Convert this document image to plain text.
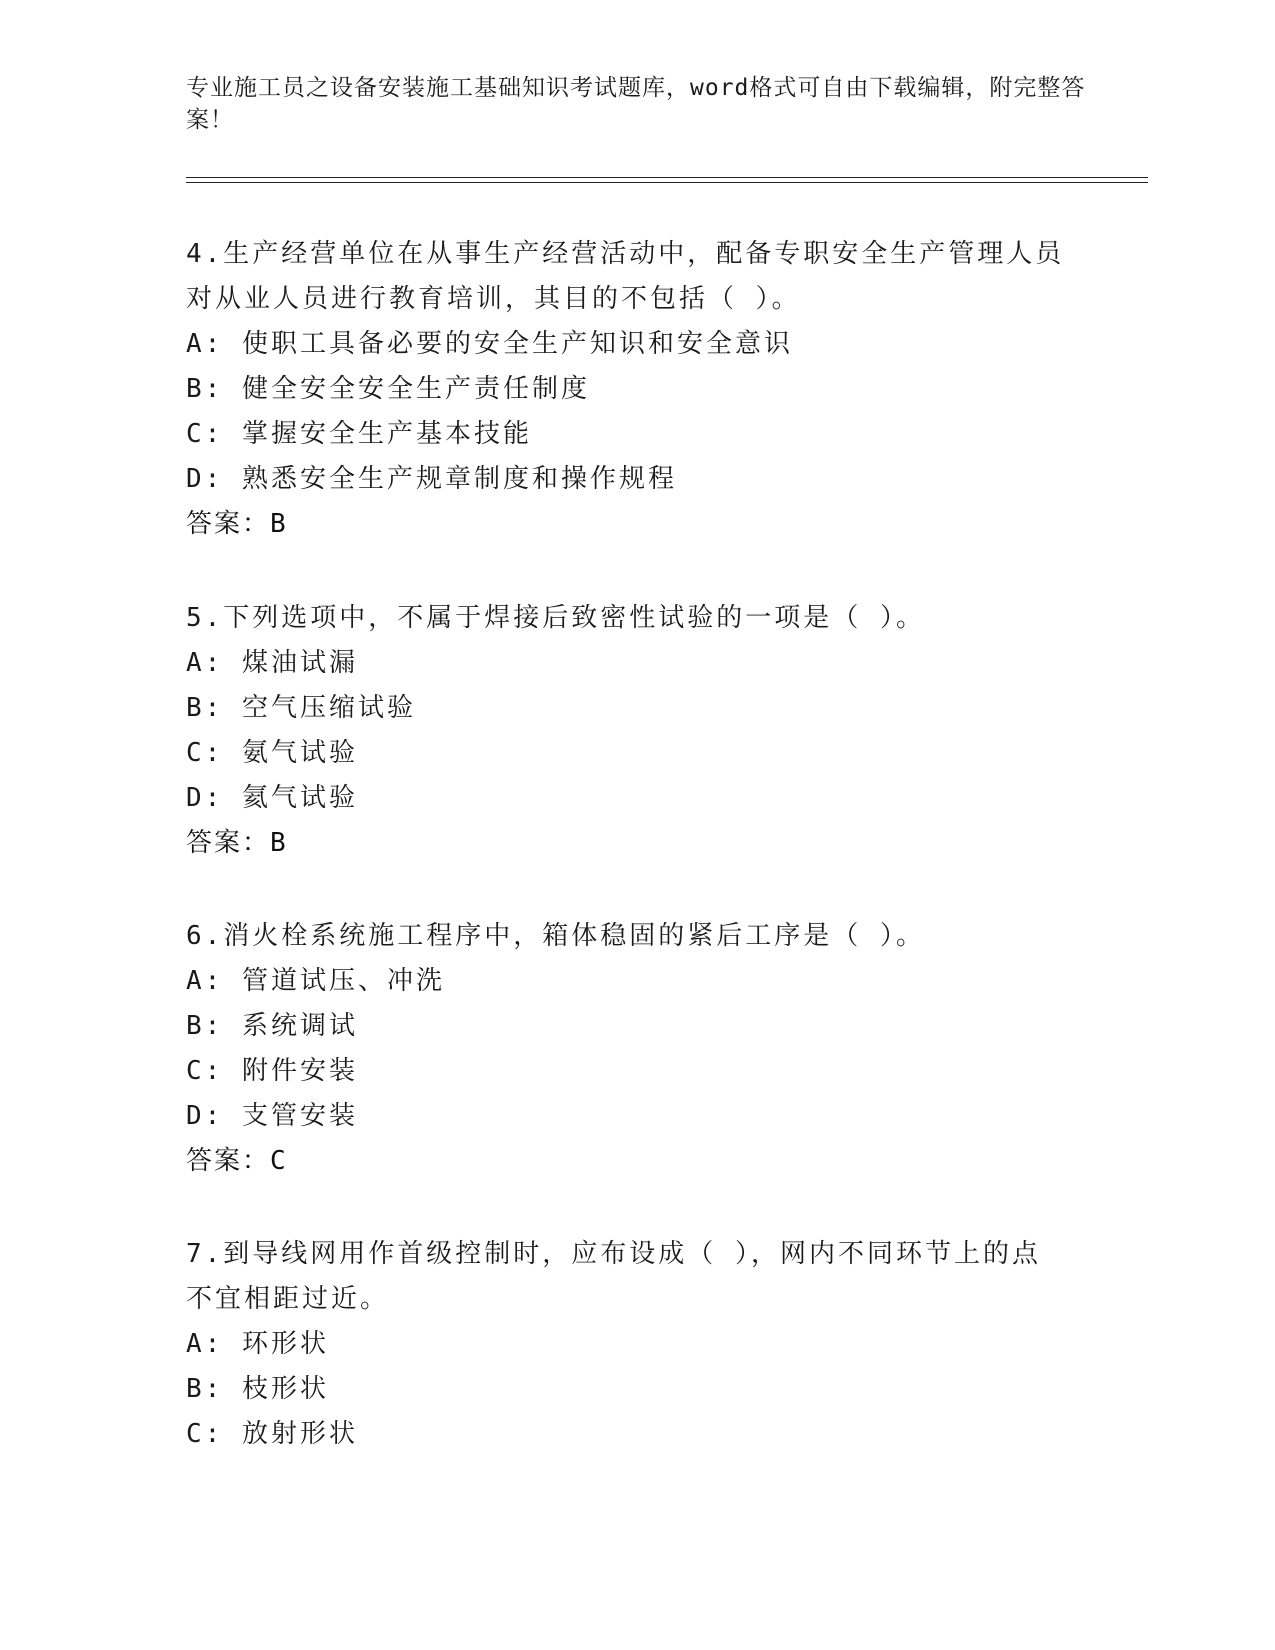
专业施工员之设备安装施工基础知识考试题库，word格式可自由下载编辑，附完整答案！

4.生产经营单位在从事生产经营活动中，配备专职安全生产管理人员对从业人员进行教育培训，其目的不包括（ ）。

A: 使职工具备必要的安全生产知识和安全意识

B: 健全安全安全生产责任制度

C: 掌握安全生产基本技能

D: 熟悉安全生产规章制度和操作规程

答案：B

5.下列选项中，不属于焊接后致密性试验的一项是（ ）。

A: 煤油试漏

B: 空气压缩试验

C: 氨气试验

D: 氦气试验

答案：B

6.消火栓系统施工程序中，箱体稳固的紧后工序是（ ）。

A: 管道试压、冲洗

B: 系统调试

C: 附件安装

D: 支管安装

答案：C

7.到导线网用作首级控制时，应布设成（ ），网内不同环节上的点不宜相距过近。

A: 环形状

B: 枝形状

C: 放射形状
